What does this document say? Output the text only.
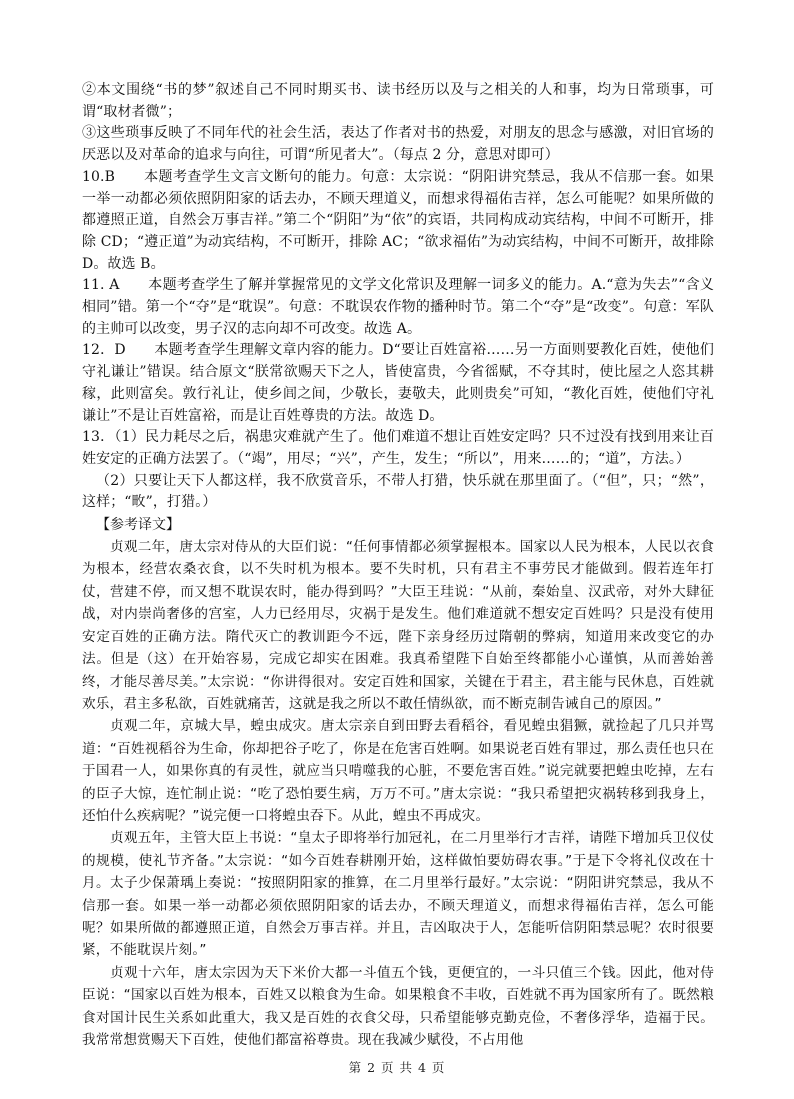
②本文围绕“书的梦”叙述自己不同时期买书、读书经历以及与之相关的人和事，均为日常琐事，可谓“取材者微”；

③这些琐事反映了不同年代的社会生活，表达了作者对书的热爱，对朋友的思念与感激，对旧官场的厌恶以及对革命的追求与向往，可谓“所见者大”。（每点 2 分，意思对即可）

10.B　　本题考查学生文言文断句的能力。句意：太宗说：“阴阳讲究禁忌，我从不信那一套。如果一举一动都必须依照阴阳家的话去办，不顾天理道义，而想求得福佑吉祥，怎么可能呢？如果所做的都遵照正道，自然会万事吉祥。”第二个“阴阳”为“依”的宾语，共同构成动宾结构，中间不可断开，排除 CD；“遵正道”为动宾结构，不可断开，排除 AC；“欲求福佑”为动宾结构，中间不可断开，故排除 D。故选 B。

11. A　　本题考查学生了解并掌握常见的文学文化常识及理解一词多义的能力。A.“意为失去”“含义相同”错。第一个“夺”是“耽误”。句意：不耽误农作物的播种时节。第二个“夺”是“改变”。句意：军队的主帅可以改变，男子汉的志向却不可改变。故选 A。

12．D　　本题考查学生理解文章内容的能力。D“要让百姓富裕……另一方面则要教化百姓，使他们守礼谦让”错误。结合原文“朕常欲赐天下之人，皆使富贵，今省徭赋，不夺其时，使比屋之人恣其耕稼，此则富矣。敦行礼让，使乡闾之间，少敬长，妻敬夫，此则贵矣”可知，“教化百姓，使他们守礼谦让”不是让百姓富裕，而是让百姓尊贵的方法。故选 D。

13．（1）民力耗尽之后，祸患灾难就产生了。他们难道不想让百姓安定吗？只不过没有找到用来让百姓安定的正确方法罢了。（“竭”，用尽；“兴”，产生，发生；“所以”，用来……的；“道”，方法。）

（2）只要让天下人都这样，我不欣赏音乐，不带人打猎，快乐就在那里面了。（“但”，只；“然”，这样；“畋”，打猎。）

【参考译文】

贞观二年，唐太宗对侍从的大臣们说：“任何事情都必须掌握根本。国家以人民为根本，人民以衣食为根本，经营农桑衣食，以不失时机为根本。要不失时机，只有君主不事劳民才能做到。假若连年打仗，营建不停，而又想不耽误农时，能办得到吗？”大臣王珪说：“从前，秦始皇、汉武帝，对外大肆征战，对内崇尚奢侈的宫室，人力已经用尽，灾祸于是发生。他们难道就不想安定百姓吗？只是没有使用安定百姓的正确方法。隋代灭亡的教训距今不远，陛下亲身经历过隋朝的弊病，知道用来改变它的办法。但是（这）在开始容易，完成它却实在困难。我真希望陛下自始至终都能小心谨慎，从而善始善终，才能尽善尽美。”太宗说：“你讲得很对。安定百姓和国家，关键在于君主，君主能与民休息，百姓就欢乐，君主多私欲，百姓就痛苦，这就是我之所以不敢任情纵欲，而不断克制告诫自己的原因。”

贞观二年，京城大旱，蝗虫成灾。唐太宗亲自到田野去看稻谷，看见蝗虫猖獗，就捡起了几只并骂道：“百姓视稻谷为生命，你却把谷子吃了，你是在危害百姓啊。如果说老百姓有罪过，那么责任也只在于国君一人，如果你真的有灵性，就应当只啃噬我的心脏，不要危害百姓。”说完就要把蝗虫吃掉，左右的臣子大惊，连忙制止说：“吃了恐怕要生病，万万不可。”唐太宗说：“我只希望把灾祸转移到我身上，还怕什么疾病呢？”说完便一口将蝗虫吞下。从此，蝗虫不再成灾。

贞观五年，主管大臣上书说：“皇太子即将举行加冠礼，在二月里举行才吉祥，请陛下增加兵卫仪仗的规模，使礼节齐备。”太宗说：“如今百姓春耕刚开始，这样做怕要妨碍农事。”于是下令将礼仪改在十月。太子少保萧瑀上奏说：“按照阴阳家的推算，在二月里举行最好。”太宗说：“阴阳讲究禁忌，我从不信那一套。如果一举一动都必须依照阴阳家的话去办，不顾天理道义，而想求得福佑吉祥，怎么可能呢？如果所做的都遵照正道，自然会万事吉祥。并且，吉凶取决于人，怎能听信阴阳禁忌呢？农时很要紧，不能耽误片刻。”

贞观十六年，唐太宗因为天下米价大都一斗值五个钱，更便宜的，一斗只值三个钱。因此，他对侍臣说：“国家以百姓为根本，百姓又以粮食为生命。如果粮食不丰收，百姓就不再为国家所有了。既然粮食对国计民生关系如此重大，我又是百姓的衣食父母，只希望能够克勤克俭，不奢侈浮华，造福于民。我常常想赏赐天下百姓，使他们都富裕尊贵。现在我减少赋役，不占用他

第 2 页 共 4 页
